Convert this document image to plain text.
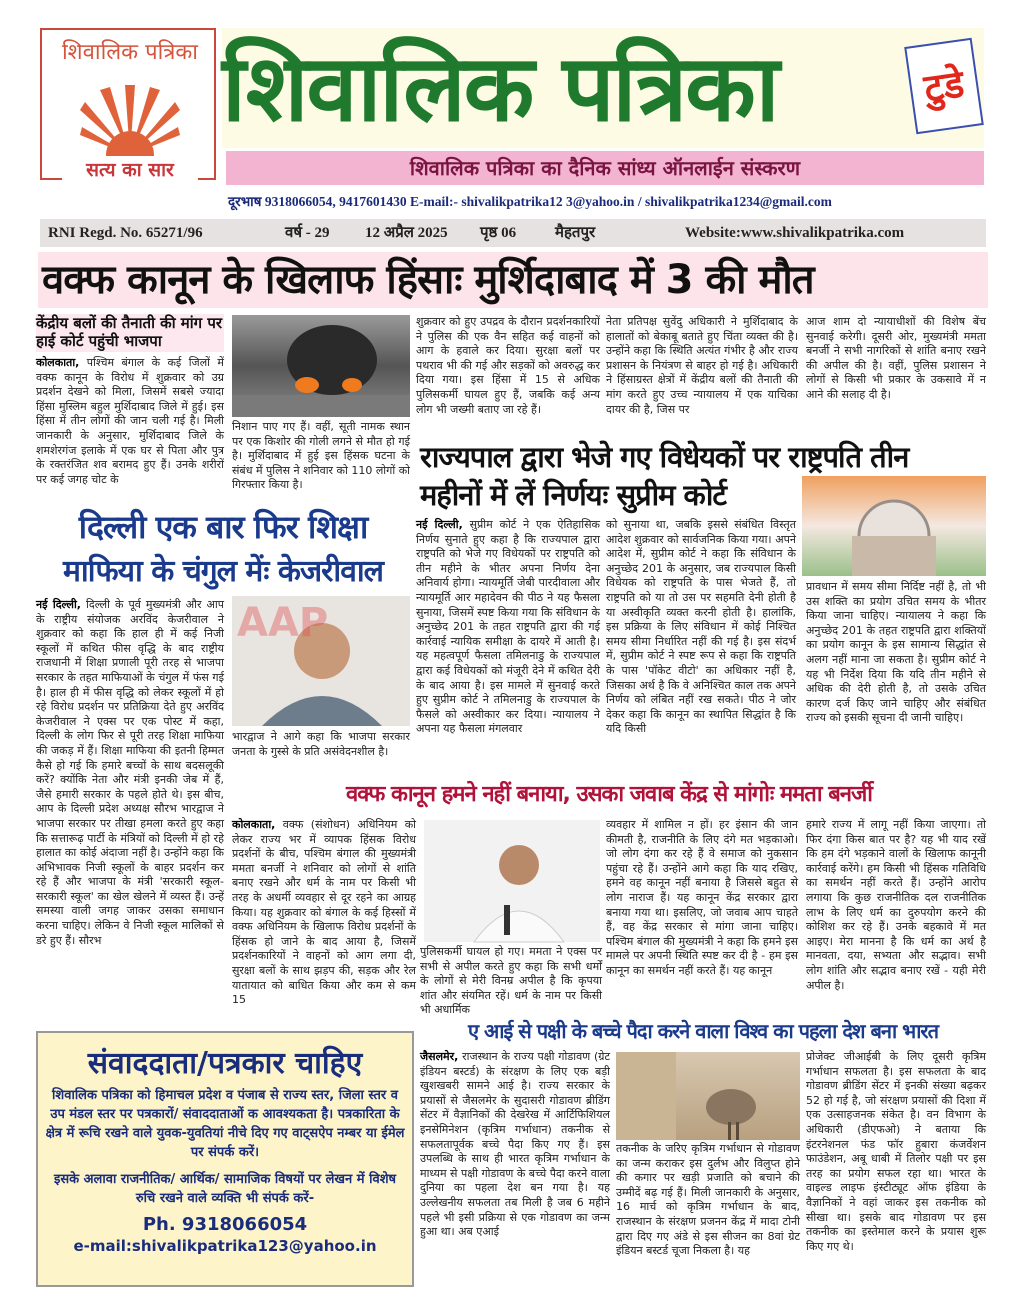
शिवालिक पत्रिका
सत्य का सार
शिवालिक पत्रिका	टुडे
शिवालिक पत्रिका का दैनिक सांध्य ऑनलाईन संस्करण
दूरभाष 9318066054, 9417601430 E-mail:- shivalikpatrika12 3@yahoo.in / shivalikpatrika1234@gmail.com
RNI Regd. No. 65271/96	वर्ष - 29 12 अप्रैल 2025 पृष्ठ 06	मैहतपुर	Website:www.shivalikpatrika.com
वक्फ कानून के खिलाफ हिंसाः मुर्शिदाबाद में 3 की मौत
केंद्रीय बलों की तैनाती की मांग पर हाई कोर्ट पहुंची भाजपा
कोलकाता, पश्चिम बंगाल के कई जिलों में वक्फ कानून के विरोध में शुक्रवार को उग्र प्रदर्शन देखने को मिला, जिसमें सबसे ज्यादा हिंसा मुस्लिम बहुल मुर्शिदाबाद जिले में हुई। इस हिंसा में तीन लोगों की जान चली गई है। मिली जानकारी के अनुसार, मुर्शिदाबाद जिले के शमशेरगंज इलाके में एक घर से पिता और पुत्र के रक्तरंजित शव बरामद हुए हैं। उनके शरीरों पर कई जगह चोट के
निशान पाए गए हैं। वहीं, सूती नामक स्थान पर एक किशोर की गोली लगने से मौत हो गई है। मुर्शिदाबाद में हुई इस हिंसक घटना के संबंध में पुलिस ने शनिवार को 110 लोगों को गिरफ्तार किया है।
शुक्रवार को हुए उपद्रव के दौरान प्रदर्शनकारियों ने पुलिस की एक वैन सहित कई वाहनों को आग के हवाले कर दिया। सुरक्षा बलों पर पथराव भी की गई और सड़कों को अवरुद्ध कर दिया गया। इस हिंसा में 15 से अधिक पुलिसकर्मी घायल हुए हैं, जबकि कई अन्य लोग भी जख्मी बताए जा रहे हैं।
नेता प्रतिपक्ष सुवेंदु अधिकारी ने मुर्शिदाबाद के हालातों को बेकाबू बताते हुए चिंता व्यक्त की है। उन्होंने कहा कि स्थिति अत्यंत गंभीर है और राज्य प्रशासन के नियंत्रण से बाहर हो गई है। अधिकारी ने हिंसाग्रस्त क्षेत्रों में केंद्रीय बलों की तैनाती की मांग करते हुए उच्च न्यायालय में एक याचिका दायर की है, जिस पर
आज शाम दो न्यायाधीशों की विशेष बेंच सुनवाई करेगी। दूसरी ओर, मुख्यमंत्री ममता बनर्जी ने सभी नागरिकों से शांति बनाए रखने की अपील की है। वहीं, पुलिस प्रशासन ने लोगों से किसी भी प्रकार के उकसावे में न आने की सलाह दी है।
राज्यपाल द्वारा भेजे गए विधेयकों पर राष्ट्रपति तीन
महीनों में लें निर्णयः सुप्रीम कोर्ट
नई दिल्ली, सुप्रीम कोर्ट ने एक ऐतिहासिक निर्णय सुनाते हुए कहा है कि राज्यपाल द्वारा राष्ट्रपति को भेजे गए विधेयकों पर राष्ट्रपति को तीन महीने के भीतर अपना निर्णय देना अनिवार्य होगा। न्यायमूर्ति जेबी पारदीवाला और न्यायमूर्ति आर महादेवन की पीठ ने यह फैसला सुनाया, जिसमें स्पष्ट किया गया कि संविधान के अनुच्छेद 201 के तहत राष्ट्रपति द्वारा की गई कार्रवाई न्यायिक समीक्षा के दायरे में आती है। यह महत्वपूर्ण फैसला तमिलनाडु के राज्यपाल द्वारा कई विधेयकों को मंजूरी देने में कथित देरी के बाद आया है। इस मामले में सुनवाई करते हुए सुप्रीम कोर्ट ने तमिलनाडु के राज्यपाल के फैसले को अस्वीकार कर दिया। न्यायालय ने अपना यह फैसला मंगलवार
को सुनाया था, जबकि इससे संबंधित विस्तृत आदेश शुक्रवार को सार्वजनिक किया गया। अपने आदेश में, सुप्रीम कोर्ट ने कहा कि संविधान के अनुच्छेद 201 के अनुसार, जब राज्यपाल किसी विधेयक को राष्ट्रपति के पास भेजते हैं, तो राष्ट्रपति को या तो उस पर सहमति देनी होती है या अस्वीकृति व्यक्त करनी होती है। हालांकि, इस प्रक्रिया के लिए संविधान में कोई निश्चित समय सीमा निर्धारित नहीं की गई है। इस संदर्भ में, सुप्रीम कोर्ट ने स्पष्ट रूप से कहा कि राष्ट्रपति के पास 'पॉकेट वीटो' का अधिकार नहीं है, जिसका अर्थ है कि वे अनिश्चित काल तक अपने निर्णय को लंबित नहीं रख सकते। पीठ ने जोर देकर कहा कि कानून का स्थापित सिद्धांत है कि यदि किसी
प्रावधान में समय सीमा निर्दिष्ट नहीं है, तो भी उस शक्ति का प्रयोग उचित समय के भीतर किया जाना चाहिए। न्यायालय ने कहा कि अनुच्छेद 201 के तहत राष्ट्रपति द्वारा शक्तियों का प्रयोग कानून के इस सामान्य सिद्धांत से अलग नहीं माना जा सकता है। सुप्रीम कोर्ट ने यह भी निर्देश दिया कि यदि तीन महीने से अधिक की देरी होती है, तो उसके उचित कारण दर्ज किए जाने चाहिए और संबंधित राज्य को इसकी सूचना दी जानी चाहिए।
दिल्ली एक बार फिर शिक्षा
माफिया के चंगुल मेंः केजरीवाल
नई दिल्ली, दिल्ली के पूर्व मुख्यमंत्री और आप के राष्ट्रीय संयोजक अरविंद केजरीवाल ने शुक्रवार को कहा कि हाल ही में कई निजी स्कूलों में कथित फीस वृद्धि के बाद राष्ट्रीय राजधानी में शिक्षा प्रणाली पूरी तरह से भाजपा सरकार के तहत माफियाओं के चंगुल में फंस गई है। हाल ही में फीस वृद्धि को लेकर स्कूलों में हो रहे विरोध प्रदर्शन पर प्रतिक्रिया देते हुए अरविंद केजरीवाल ने एक्स पर एक पोस्ट में कहा, दिल्ली के लोग फिर से पूरी तरह शिक्षा माफिया की जकड़ में हैं। शिक्षा माफिया की इतनी हिम्मत कैसे हो गई कि हमारे बच्चों के साथ बदसलूकी करें? क्योंकि नेता और मंत्री इनकी जेब में हैं, जैसे हमारी सरकार के पहले होते थे। इस बीच, आप के दिल्ली प्रदेश अध्यक्ष सौरभ भारद्वाज ने भाजपा सरकार पर तीखा हमला करते हुए कहा कि सत्तारूढ़ पार्टी के मंत्रियों को दिल्ली में हो रहे हालात का कोई अंदाजा नहीं है। उन्होंने कहा कि अभिभावक निजी स्कूलों के बाहर प्रदर्शन कर रहे हैं और भाजपा के मंत्री 'सरकारी स्कूल-सरकारी स्कूल' का खेल खेलने में व्यस्त हैं। उन्हें समस्या वाली जगह जाकर उसका समाधान करना चाहिए। लेकिन वे निजी स्कूल मालिकों से डरे हुए हैं। सौरभ
AAP
भारद्वाज ने आगे कहा कि भाजपा सरकार जनता के गुस्से के प्रति असंवेदनशील है।
वक्फ कानून हमने नहीं बनाया, उसका जवाब केंद्र से मांगोः ममता बनर्जी
कोलकाता, वक्फ (संशोधन) अधिनियम को लेकर राज्य भर में व्यापक हिंसक विरोध प्रदर्शनों के बीच, पश्चिम बंगाल की मुख्यमंत्री ममता बनर्जी ने शनिवार को लोगों से शांति बनाए रखने और धर्म के नाम पर किसी भी तरह के अधर्मी व्यवहार से दूर रहने का आग्रह किया। यह शुक्रवार को बंगाल के कई हिस्सों में वक्फ अधिनियम के खिलाफ विरोध प्रदर्शनों के हिंसक हो जाने के बाद आया है, जिसमें प्रदर्शनकारियों ने वाहनों को आग लगा दी, सुरक्षा बलों के साथ झड़प की, सड़क और रेल यातायात को बाधित किया और कम से कम 15
पुलिसकर्मी घायल हो गए। ममता ने एक्स पर सभी से अपील करते हुए कहा कि सभी धर्मों के लोगों से मेरी विनम्र अपील है कि कृपया शांत और संयमित रहें। धर्म के नाम पर किसी भी अधार्मिक
व्यवहार में शामिल न हों। हर इंसान की जान कीमती है, राजनीति के लिए दंगे मत भड़काओ। जो लोग दंगा कर रहे हैं वे समाज को नुकसान पहुंचा रहे हैं। उन्होंने आगे कहा कि याद रखिए, हमने वह कानून नहीं बनाया है जिससे बहुत से लोग नाराज हैं। यह कानून केंद्र सरकार द्वारा बनाया गया था। इसलिए, जो जवाब आप चाहते हैं, वह केंद्र सरकार से मांगा जाना चाहिए। पश्चिम बंगाल की मुख्यमंत्री ने कहा कि हमने इस मामले पर अपनी स्थिति स्पष्ट कर दी है - हम इस कानून का समर्थन नहीं करते हैं। यह कानून
हमारे राज्य में लागू नहीं किया जाएगा। तो फिर दंगा किस बात पर है? यह भी याद रखें कि हम दंगे भड़काने वालों के खिलाफ कानूनी कार्रवाई करेंगे। हम किसी भी हिंसक गतिविधि का समर्थन नहीं करते हैं। उन्होंने आरोप लगाया कि कुछ राजनीतिक दल राजनीतिक लाभ के लिए धर्म का दुरुपयोग करने की कोशिश कर रहे हैं। उनके बहकावे में मत आइए। मेरा मानना है कि धर्म का अर्थ है मानवता, दया, सभ्यता और सद्भाव। सभी लोग शांति और सद्भाव बनाए रखें - यही मेरी अपील है।
ए आई से पक्षी के बच्चे पैदा करने वाला विश्व का पहला देश बना भारत
जैसलमेर, राजस्थान के राज्य पक्षी गोडावण (ग्रेट इंडियन बस्टर्ड) के संरक्षण के लिए एक बड़ी खुशखबरी सामने आई है। राज्य सरकार के प्रयासों से जैसलमेर के सुदासरी गोडावण ब्रीडिंग सेंटर में वैज्ञानिकों की देखरेख में आर्टिफिशियल इनसेमिनेशन (कृत्रिम गर्भाधान) तकनीक से सफलतापूर्वक बच्चे पैदा किए गए हैं। इस उपलब्धि के साथ ही भारत कृत्रिम गर्भाधान के माध्यम से पक्षी गोडावण के बच्चे पैदा करने वाला दुनिया का पहला देश बन गया है। यह उल्लेखनीय सफलता तब मिली है जब 6 महीने पहले भी इसी प्रक्रिया से एक गोडावण का जन्म हुआ था। अब एआई
तकनीक के जरिए कृत्रिम गर्भाधान से गोडावण का जन्म कराकर इस दुर्लभ और विलुप्त होने की कगार पर खड़ी प्रजाति को बचाने की उम्मीदें बढ़ गई हैं। मिली जानकारी के अनुसार, 16 मार्च को कृत्रिम गर्भाधान के बाद, राजस्थान के संरक्षण प्रजनन केंद्र में मादा टोनी द्वारा दिए गए अंडे से इस सीजन का 8वां ग्रेट इंडियन बस्टर्ड चूजा निकला है। यह
प्रोजेक्ट जीआईबी के लिए दूसरी कृत्रिम गर्भाधान सफलता है। इस सफलता के बाद गोडावण ब्रीडिंग सेंटर में इनकी संख्या बढ़कर 52 हो गई है, जो संरक्षण प्रयासों की दिशा में एक उत्साहजनक संकेत है। वन विभाग के अधिकारी (डीएफओ) ने बताया कि इंटरनेशनल फंड फॉर हुबारा कंजर्वेशन फाउंडेशन, अबू धाबी में तिलोर पक्षी पर इस तरह का प्रयोग सफल रहा था। भारत के वाइल्ड लाइफ इंस्टीट्यूट ऑफ इंडिया के वैज्ञानिकों ने वहां जाकर इस तकनीक को सीखा था। इसके बाद गोडावण पर इस तकनीक का इस्तेमाल करने के प्रयास शुरू किए गए थे।
संवाददाता/पत्रकार चाहिए

शिवालिक पत्रिका को हिमाचल प्रदेश व पंजाब से राज्य स्तर, जिला स्तर व उप मंडल स्तर पर पत्रकारों/ संवाददाताओं क आवश्यकता है। पत्रकारिता के क्षेत्र में रूचि रखने वाले युवक-युवतियां नीचे दिए गए वाट्सऐप नम्बर या ईमेल पर संपर्क करें।

इसके अलावा राजनीतिक/ आर्थिक/ सामाजिक विषयों पर लेखन में विशेष रुचि रखने वाले व्यक्ति भी संपर्क करें-

Ph. 9318066054
e-mail:shivalikpatrika123@yahoo.in
